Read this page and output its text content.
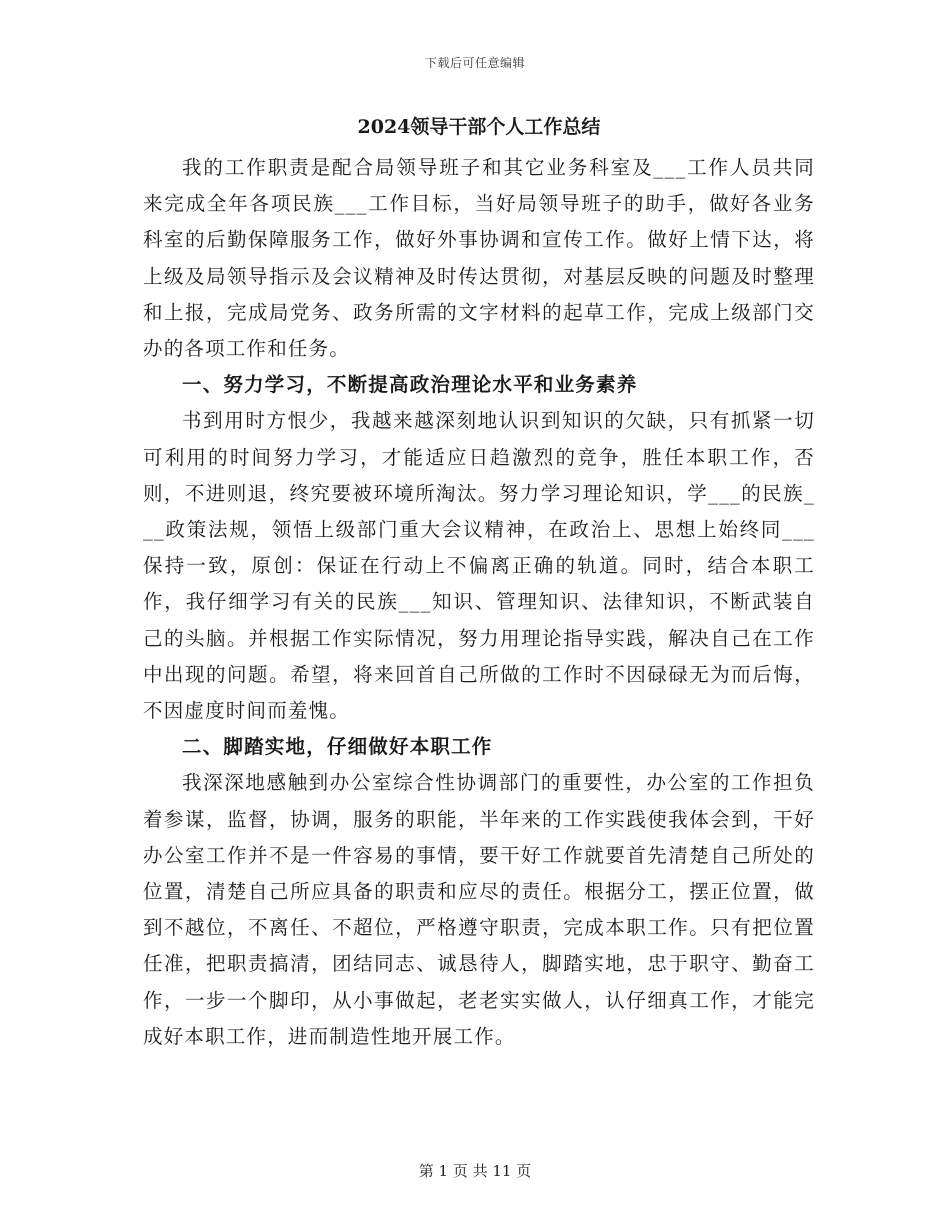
下载后可任意编辑
2024领导干部个人工作总结

我的工作职责是配合局领导班子和其它业务科室及___工作人员共同来完成全年各项民族___工作目标，当好局领导班子的助手，做好各业务科室的后勤保障服务工作，做好外事协调和宣传工作。做好上情下达，将上级及局领导指示及会议精神及时传达贯彻，对基层反映的问题及时整理和上报，完成局党务、政务所需的文字材料的起草工作，完成上级部门交办的各项工作和任务。

一、努力学习，不断提高政治理论水平和业务素养

书到用时方恨少，我越来越深刻地认识到知识的欠缺，只有抓紧一切可利用的时间努力学习，才能适应日趋激烈的竞争，胜任本职工作，否则，不进则退，终究要被环境所淘汰。努力学习理论知识，学___的民族___政策法规，领悟上级部门重大会议精神，在政治上、思想上始终同___保持一致，原创：保证在行动上不偏离正确的轨道。同时，结合本职工作，我仔细学习有关的民族___知识、管理知识、法律知识，不断武装自己的头脑。并根据工作实际情况，努力用理论指导实践，解决自己在工作中出现的问题。希望，将来回首自己所做的工作时不因碌碌无为而后悔，不因虚度时间而羞愧。

二、脚踏实地，仔细做好本职工作

我深深地感触到办公室综合性协调部门的重要性，办公室的工作担负着参谋，监督，协调，服务的职能，半年来的工作实践使我体会到，干好办公室工作并不是一件容易的事情，要干好工作就要首先清楚自己所处的位置，清楚自己所应具备的职责和应尽的责任。根据分工，摆正位置，做到不越位，不离任、不超位，严格遵守职责，完成本职工作。只有把位置任准，把职责搞清，团结同志、诚恳待人，脚踏实地，忠于职守、勤奋工作，一步一个脚印，从小事做起，老老实实做人，认仔细真工作，才能完成好本职工作，进而制造性地开展工作。

第 1 页 共 11 页
